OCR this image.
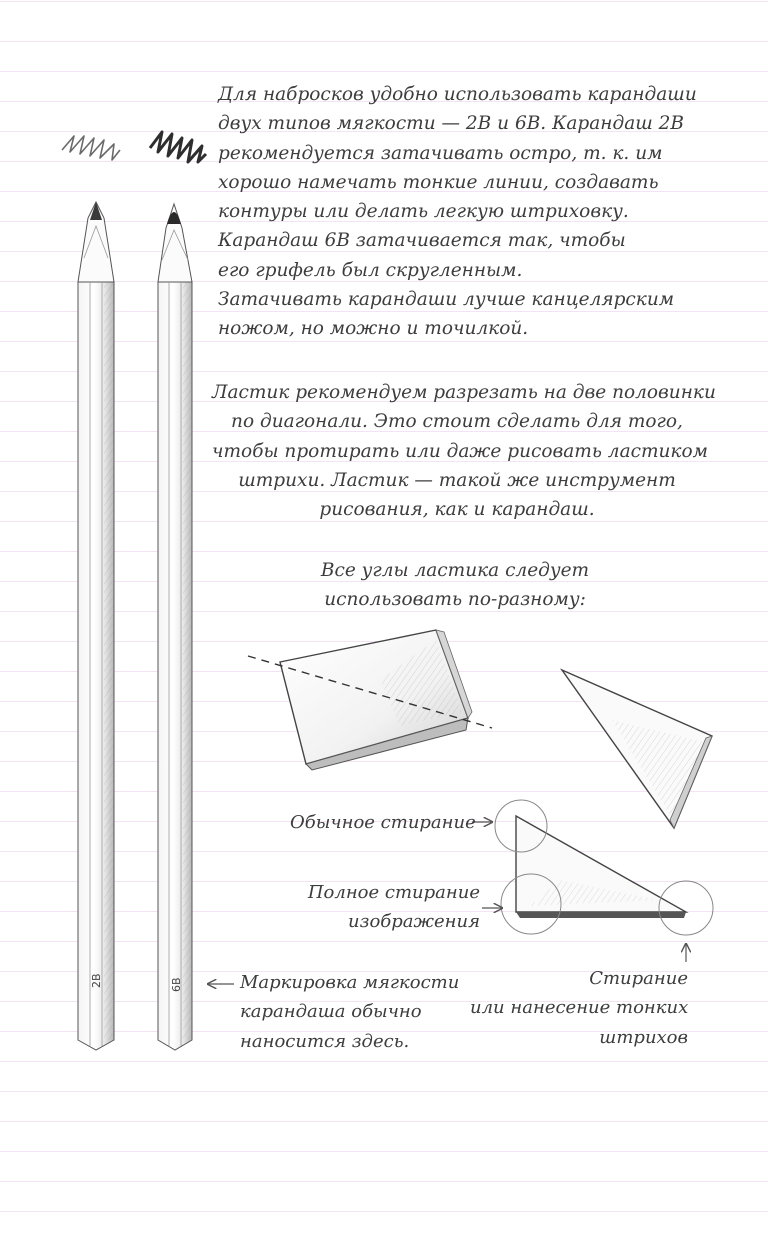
2В	6В
Для набросков удобно использовать карандаши
двух типов мягкости — 2В и 6В. Карандаш 2В
рекомендуется затачивать остро, т. к. им
хорошо намечать тонкие линии, создавать
контуры или делать легкую штриховку.
Карандаш 6В затачивается так, чтобы
его грифель был скругленным.
Затачивать карандаши лучше канцелярским
ножом, но можно и точилкой.
Ластик рекомендуем разрезать на две половинки
по диагонали. Это стоит сделать для того,
чтобы протирать или даже рисовать ластиком
штрихи. Ластик — такой же инструмент
рисования, как и карандаш.
Все углы ластика следует
использовать по-разному:
Обычное стирание
Полное стирание
изображения
Маркировка мягкости
карандаша обычно
наносится здесь.
Стирание
или нанесение тонких
штрихов
